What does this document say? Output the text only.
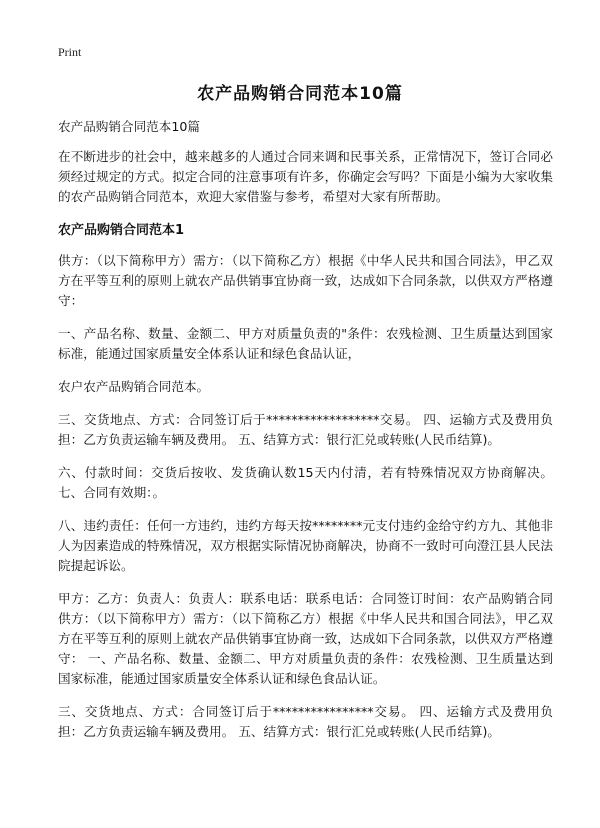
Print
农产品购销合同范本10篇

农产品购销合同范本10篇

在不断进步的社会中，越来越多的人通过合同来调和民事关系，正常情况下，签订合同必须经过规定的方式。拟定合同的注意事项有许多，你确定会写吗？下面是小编为大家收集的农产品购销合同范本，欢迎大家借鉴与参考，希望对大家有所帮助。

农产品购销合同范本1

供方：（以下简称甲方）需方：（以下简称乙方）根据《中华人民共和国合同法》，甲乙双方在平等互利的原则上就农产品供销事宜协商一致，达成如下合同条款，以供双方严格遵守：

一、产品名称、数量、金额二、甲方对质量负责的"条件：农残检测、卫生质量达到国家标准，能通过国家质量安全体系认证和绿色食品认证，

农户农产品购销合同范本。

三、交货地点、方式：合同签订后于******************交易。 四、运输方式及费用负担：乙方负责运输车辆及费用。 五、结算方式：银行汇兑或转账(人民币结算)。

六、付款时间：交货后按收、发货确认数15天内付清，若有特殊情况双方协商解决。 七、合同有效期：。

八、违约责任：任何一方违约，违约方每天按********元支付违约金给守约方九、其他非人为因素造成的特殊情况，双方根据实际情况协商解决，协商不一致时可向澄江县人民法院提起诉讼。

甲方：乙方：负责人：负责人：联系电话：联系电话：合同签订时间：农产品购销合同 供方：（以下简称甲方）需方：（以下简称乙方）根据《中华人民共和国合同法》，甲乙双方在平等互利的原则上就农产品供销事宜协商一致，达成如下合同条款，以供双方严格遵守： 一、产品名称、数量、金额二、甲方对质量负责的条件：农残检测、卫生质量达到国家标准，能通过国家质量安全体系认证和绿色食品认证。

三、交货地点、方式：合同签订后于****************交易。 四、运输方式及费用负担：乙方负责运输车辆及费用。 五、结算方式：银行汇兑或转账(人民币结算)。
